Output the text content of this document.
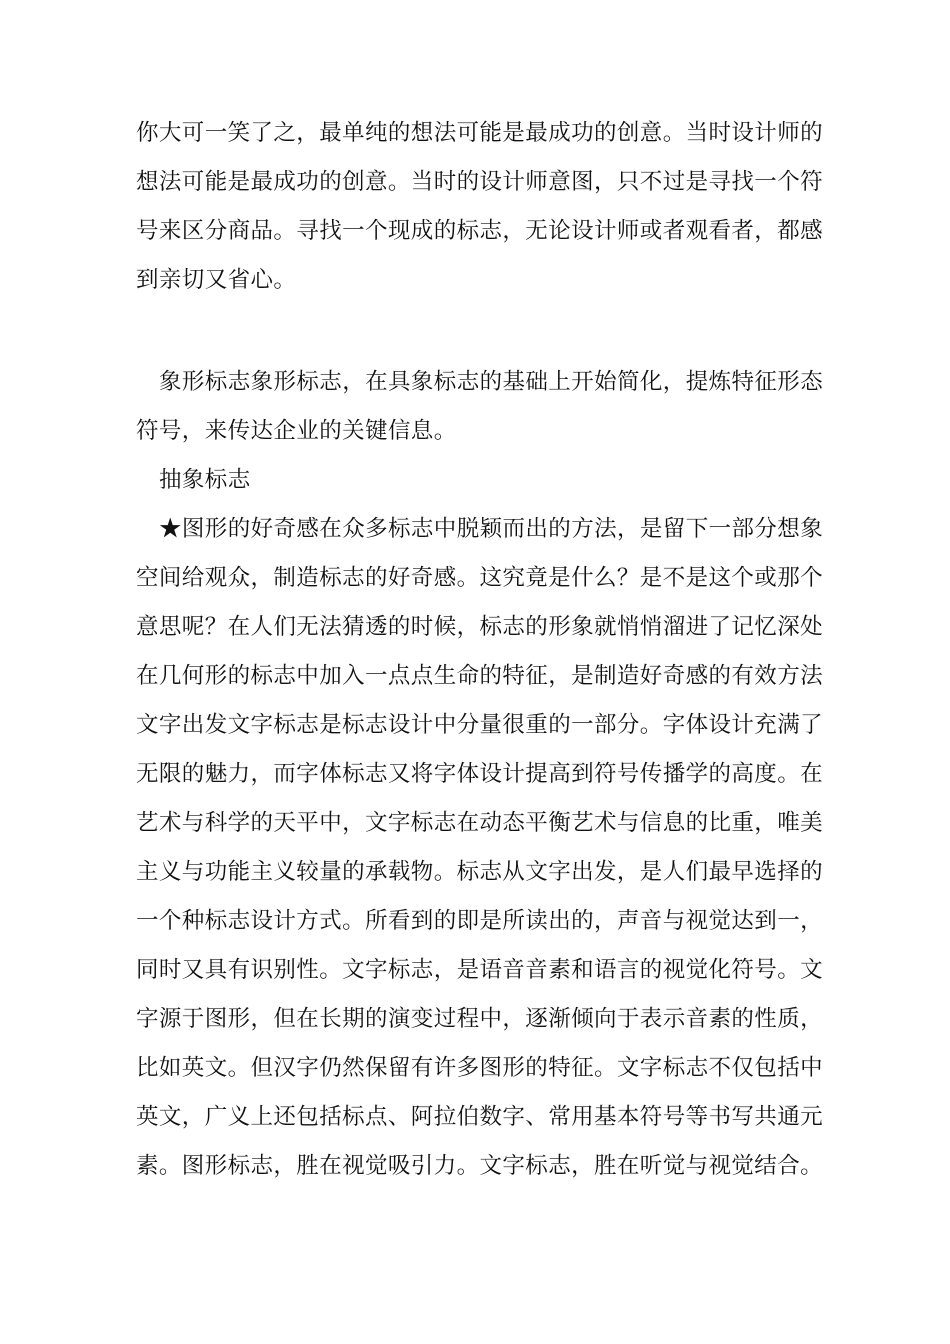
你大可一笑了之，最单纯的想法可能是最成功的创意。当时设计师的
想法可能是最成功的创意。当时的设计师意图，只不过是寻找一个符
号来区分商品。寻找一个现成的标志，无论设计师或者观看者，都感
到亲切又省心。
象形标志象形标志，在具象标志的基础上开始简化，提炼特征形态
符号，来传达企业的关键信息。
抽象标志
★图形的好奇感在众多标志中脱颖而出的方法，是留下一部分想象
空间给观众，制造标志的好奇感。这究竟是什么？是不是这个或那个
意思呢？在人们无法猜透的时候，标志的形象就悄悄溜进了记忆深处
在几何形的标志中加入一点点生命的特征，是制造好奇感的有效方法
文字出发文字标志是标志设计中分量很重的一部分。字体设计充满了
无限的魅力，而字体标志又将字体设计提高到符号传播学的高度。在
艺术与科学的天平中，文字标志在动态平衡艺术与信息的比重，唯美
主义与功能主义较量的承载物。标志从文字出发，是人们最早选择的
一个种标志设计方式。所看到的即是所读出的，声音与视觉达到一，
同时又具有识别性。文字标志，是语音音素和语言的视觉化符号。文
字源于图形，但在长期的演变过程中，逐渐倾向于表示音素的性质，
比如英文。但汉字仍然保留有许多图形的特征。文字标志不仅包括中
英文，广义上还包括标点、阿拉伯数字、常用基本符号等书写共通元
素。图形标志，胜在视觉吸引力。文字标志，胜在听觉与视觉结合。
